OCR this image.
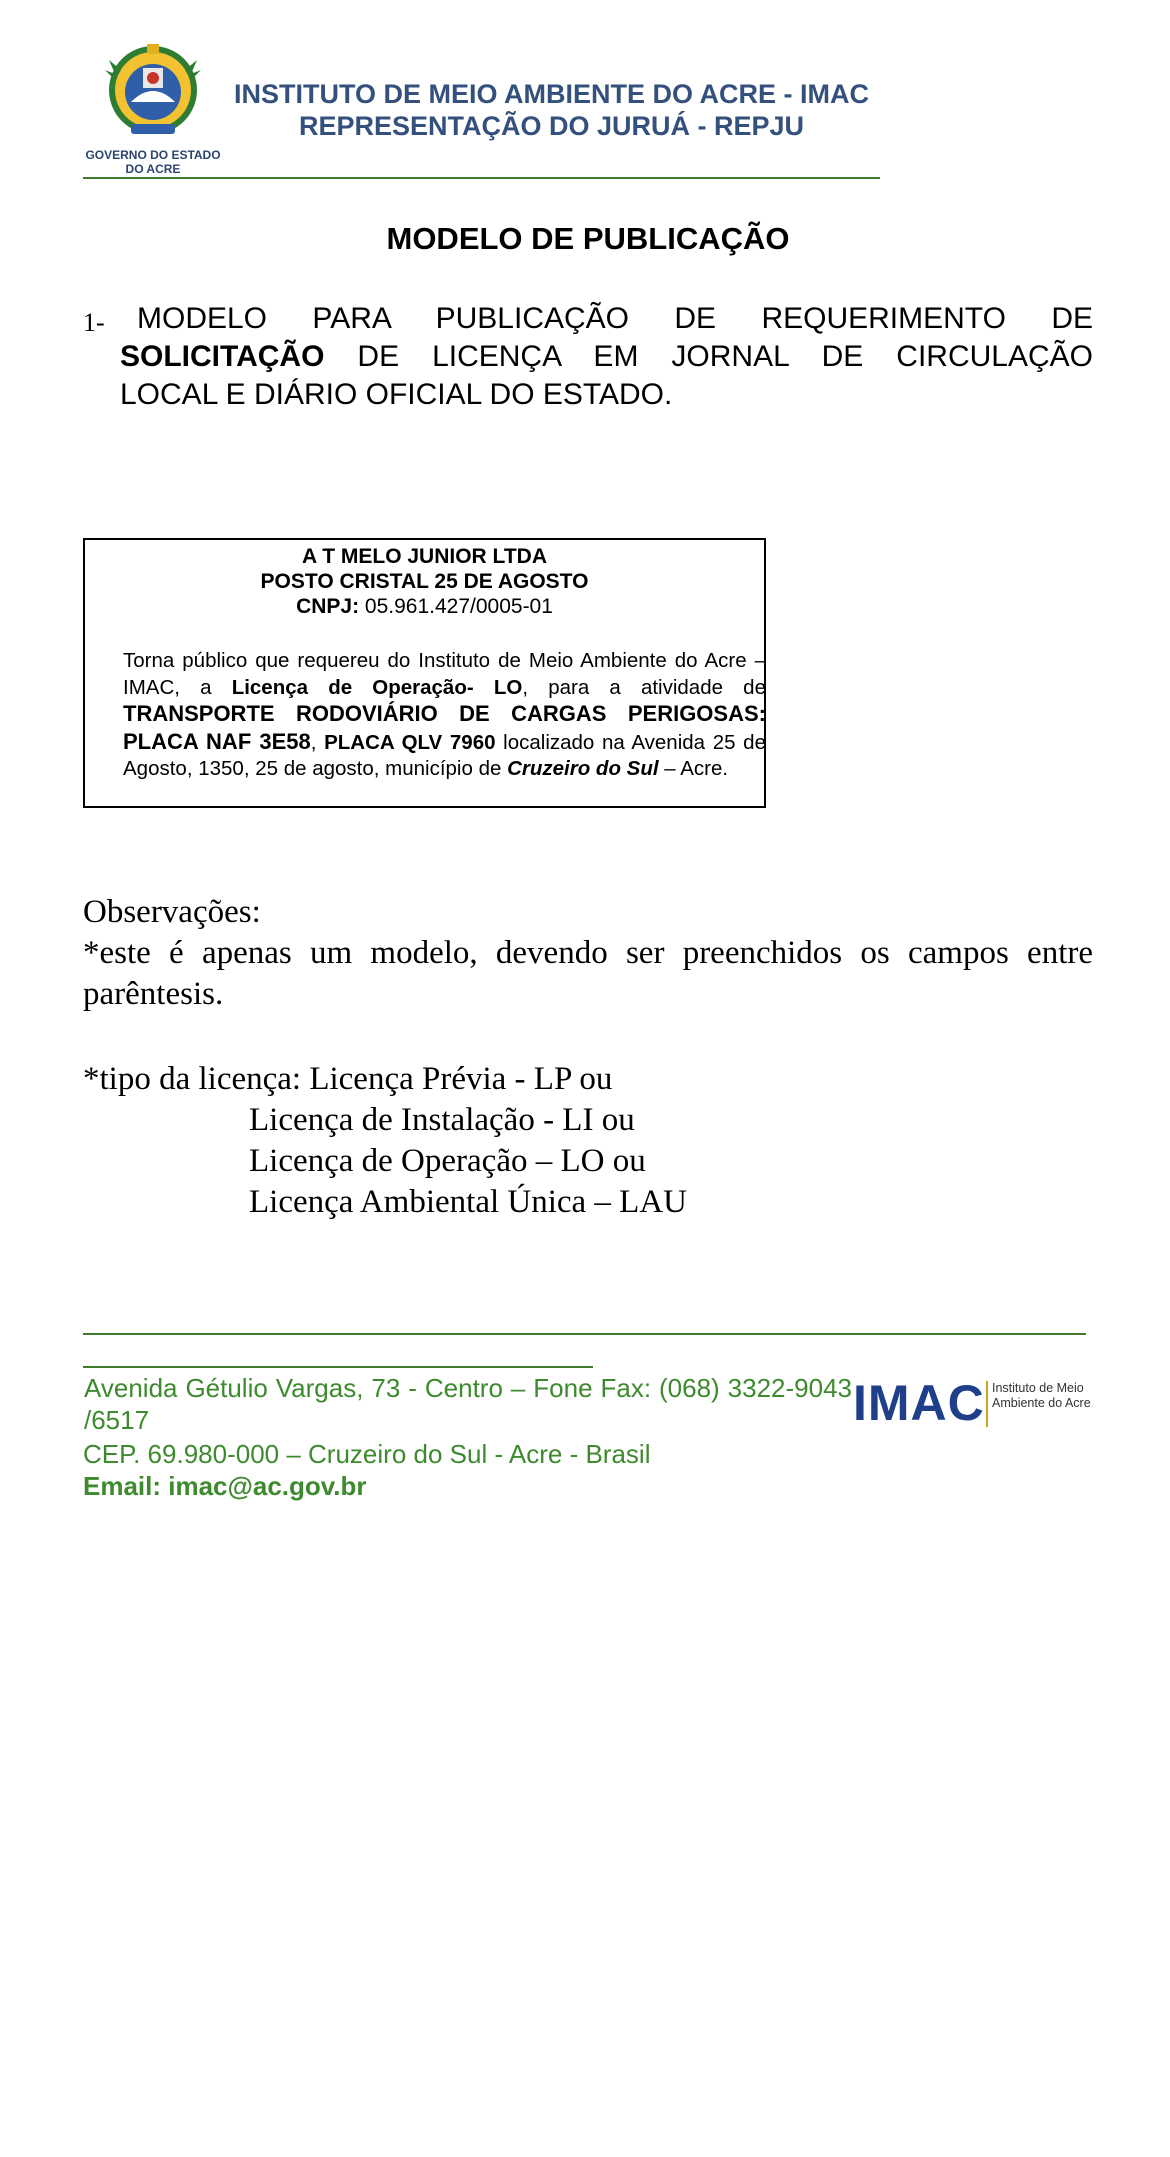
GOVERNO DO ESTADO
DO ACRE
INSTITUTO DE MEIO AMBIENTE DO ACRE - IMAC
REPRESENTAÇÃO DO JURUÁ - REPJU
MODELO DE PUBLICAÇÃO
1-	MODELO PARA PUBLICAÇÃO DE REQUERIMENTO DE
SOLICITAÇÃO DE LICENÇA EM JORNAL DE CIRCULAÇÃO
LOCAL E DIÁRIO OFICIAL DO ESTADO.
A T MELO JUNIOR LTDA
POSTO CRISTAL 25 DE AGOSTO
CNPJ: 05.961.427/0005-01
Torna público que requereu do Instituto de Meio Ambiente do Acre – IMAC, a Licença de Operação- LO, para a atividade de TRANSPORTE RODOVIÁRIO DE CARGAS PERIGOSAS: PLACA NAF 3E58, PLACA QLV 7960 localizado na Avenida 25 de Agosto, 1350, 25 de agosto, município de Cruzeiro do Sul – Acre.
Observações:
*este é apenas um modelo, devendo ser preenchidos os campos entre parêntesis.
*tipo da licença: Licença Prévia - LP ou
Licença de Instalação - LI ou
Licença de Operação – LO ou
Licença Ambiental Única – LAU
Avenida Gétulio Vargas, 73 - Centro – Fone Fax: (068) 3322-9043 /6517
CEP. 69.980-000 – Cruzeiro do Sul - Acre - Brasil
Email: imac@ac.gov.br
IMAC Instituto de Meio Ambiente do Acre
